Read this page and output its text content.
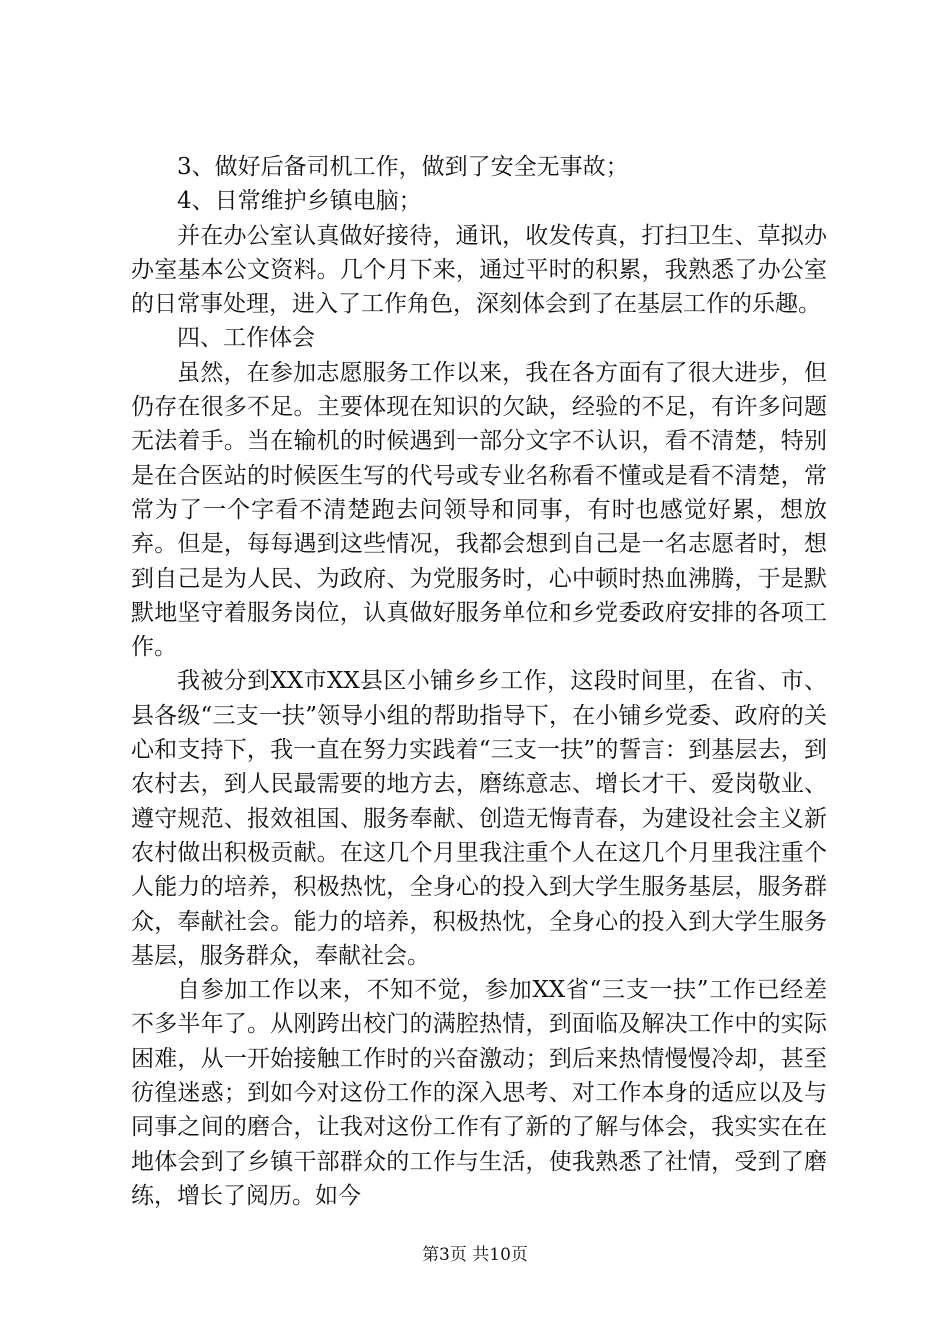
3、做好后备司机工作，做到了安全无事故；

4、日常维护乡镇电脑；

并在办公室认真做好接待，通讯，收发传真，打扫卫生、草拟办办室基本公文资料。几个月下来，通过平时的积累，我熟悉了办公室的日常事处理，进入了工作角色，深刻体会到了在基层工作的乐趣。

四、工作体会

虽然，在参加志愿服务工作以来，我在各方面有了很大进步，但仍存在很多不足。主要体现在知识的欠缺，经验的不足，有许多问题无法着手。当在输机的时候遇到一部分文字不认识，看不清楚，特别是在合医站的时候医生写的代号或专业名称看不懂或是看不清楚，常常为了一个字看不清楚跑去问领导和同事，有时也感觉好累，想放弃。但是，每每遇到这些情况，我都会想到自己是一名志愿者时，想到自己是为人民、为政府、为党服务时，心中顿时热血沸腾，于是默默地坚守着服务岗位，认真做好服务单位和乡党委政府安排的各项工作。

我被分到XX市XX县区小铺乡乡工作，这段时间里，在省、市、县各级“三支一扶”领导小组的帮助指导下，在小铺乡党委、政府的关心和支持下，我一直在努力实践着“三支一扶”的誓言：到基层去，到农村去，到人民最需要的地方去，磨练意志、增长才干、爱岗敬业、遵守规范、报效祖国、服务奉献、创造无悔青春，为建设社会主义新农村做出积极贡献。在这几个月里我注重个人在这几个月里我注重个人能力的培养，积极热忱，全身心的投入到大学生服务基层，服务群众，奉献社会。能力的培养，积极热忱，全身心的投入到大学生服务基层，服务群众，奉献社会。

自参加工作以来，不知不觉，参加XX省“三支一扶”工作已经差不多半年了。从刚跨出校门的满腔热情，到面临及解决工作中的实际困难，从一开始接触工作时的兴奋激动；到后来热情慢慢冷却，甚至彷徨迷惑；到如今对这份工作的深入思考、对工作本身的适应以及与同事之间的磨合，让我对这份工作有了新的了解与体会，我实实在在地体会到了乡镇干部群众的工作与生活，使我熟悉了社情，受到了磨练，增长了阅历。如今

第3页 共10页
